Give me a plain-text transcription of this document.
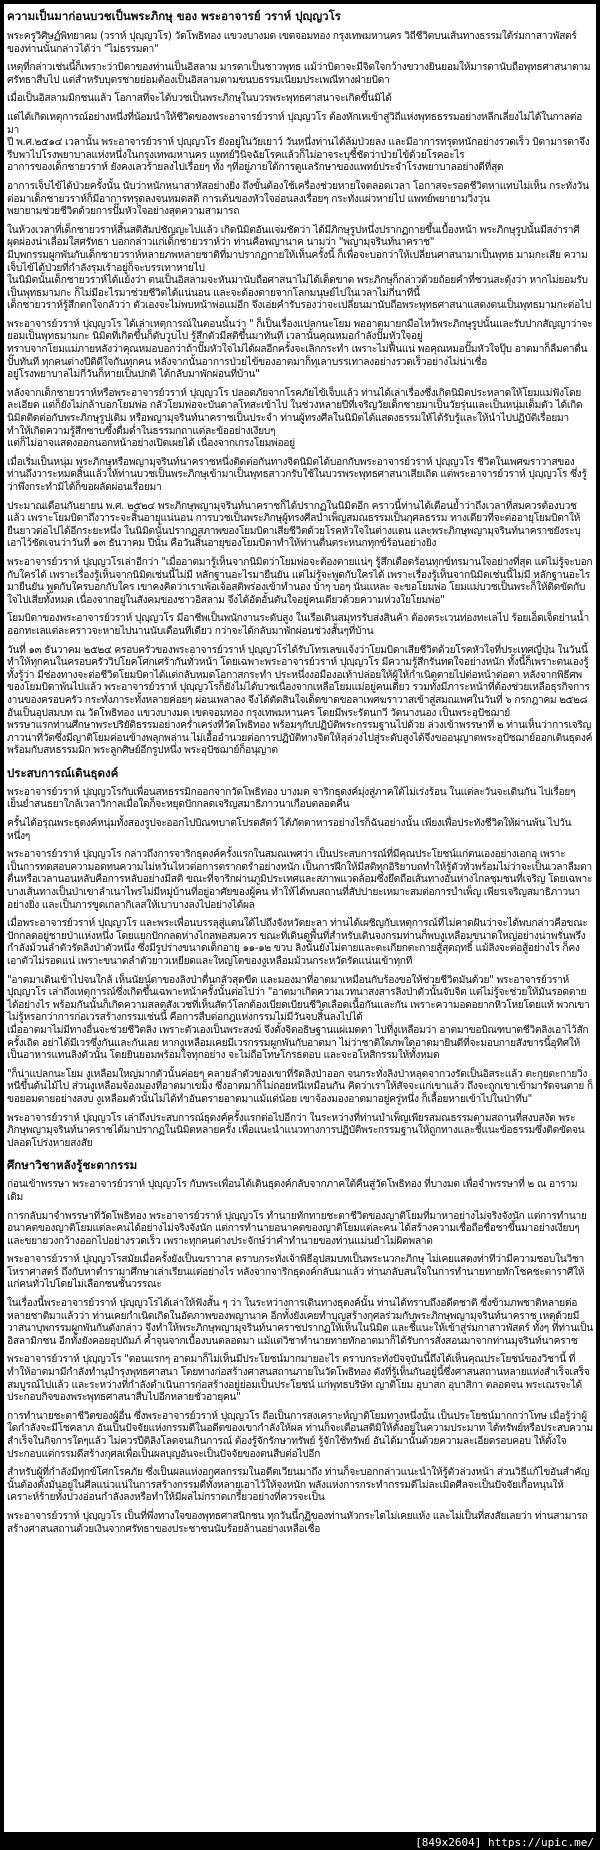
ความเป็นมาก่อนบวชเป็นพระภิกษุ ของ พระอาจารย์ วราห์ ปุญฺญวโร

พระครูวิศิษฏ์พิทยาคม (วราห์ ปุญฺญวโร) วัดโพธิทอง แขวงบางมด เขตจอมทอง กรุงเทพมหานคร วิถีชีวิตบนเส้นทางธรรมใต้ร่มกาสาวพัสตร์ของท่านนั้นกล่าวได้ว่า "ไม่ธรรมดา"

เหตุที่กล่าวเช่นนี้ก็เพราะว่าบิดาของท่านเป็นอิสลาม มารดาเป็นชาวพุทธ แม้ว่าบิดาจะมีจิตใจกว้างขวางยินยอมให้มารดานับถือพุทธศาสนาตามศรัทธาสืบไป แต่สำหรับบุตรชายย่อมต้องเป็นอิสลามตามขนบธรรมเนียมประเพณีทางฝ่ายบิดา

เมื่อเป็นอิสลามมิกชนแล้ว โอกาสที่จะได้บวชเป็นพระภิกษุในบวรพระพุทธศาสนาจะเกิดขึ้นมิได้

แต่ได้เกิดเหตุการณ์อย่างหนึ่งที่น้อมนำให้ชีวิตของพระอาจารย์วราห์ ปุญฺญวโร ต้องหักเหเข้าสู่วิถีแห่งพุทธธรรมอย่างหลีกเลี่ยงไม่ได้ในกาลต่อมา
ปี พ.ศ.๒๕๑๔ เวลานั้น พระอาจารย์วราห์ ปุญฺญวโร ยังอยู่ในวัยเยาว์ วันหนึ่งท่านได้ล้มป่วยลง และมีอาการทรุดหนักอย่างรวดเร็ว บิดามารดาจึงรีบพาไปโรงพยาบาลแห่งหนึ่งในกรุงเทพมหานคร แพทย์วินิจฉัยโรคแล้วก็ไม่อาจระบุชี้ชัดว่าป่วยไข้ด้วยโรคอะไร
อาการของเด็กชายวราห์ ยังคงเลวร้ายลงไปเรื่อยๆ ทั้ง ๆที่อยู่ภายใต้การดูแลรักษาของแพทย์ประจำโรงพยาบาลอย่างดีที่สุด

อาการเจ็บไข้ได้ป่วยครั้งนั้น นับว่าหนักหนาสาหัสอย่างยิ่ง ถึงขั้นต้องใช้เครื่องช่วยหายใจตลอดเวลา โอกาสจะรอดชีวิตหาแทบไม่เห็น กระทั่งวันต่อมาเด็กชายวราห์ก็มีอาการทรุดลงจนหมดสติ การเต้นของหัวใจอ่อนลงเรื่อยๆ กระทั่งแผ่วหายไป แพทย์พยายามวิ่งวุ่น
พยายามช่วยชีวิตด้วยการปั๊มหัวใจอย่างสุดความสามารถ

ในห้วงเวลาที่เด็กชายวราห์สิ้นสติสัมปชัญญะไปแล้ว เกิดนิมิตอันแจ่มชัดว่า ได้มีภิกษุรูปหนึ่งปรากฏกายขึ้นเบื้องหน้า พระภิกษุรูปนั้นมีสง่าราศีผุดผ่องน่าเลื่อมใสศรัทธา บอกกล่าวแก่เด็กชายวราห์ว่า ท่านคือพญานาค นามว่า "พญามุจรินท์นาคราช"
มีบุพกรรมผูกพันกับเด็กชายวราห์หลายภพหลายชาติที่มาปรากฏกายให้เห็นครั้งนี้ ก็เพื่อจะบอกว่าให้เปลี่ยนศาสนามาเป็นพุทธ มามกะเสีย ความเจ็บไข้ได้ป่วยที่กำลังรุมเร้าอยู่ก็จะบรรเทาหายไป
ในนิมิตนั้นเด็กชายวราห์ได้แย้งว่า ตนเป็นอิสลามจะหันมานับถือศาสนาไม่ได้เด็ดขาด พระภิกษุก็กล่าวด้วยถ้อยคำที่ชวนสะดุ้งว่า หากไม่ยอมรับเป็นพุทธมามกะ ก็ไม่มีอะไรมาช่วยชีวิตได้แน่นอน และจะต้องตายจากโลกมนุษย์ไปในเวลาไม่กี่นาทีนี้
เด็กชายวราห์รู้สึกตกใจกลัวว่า ตัวเองจะไม่พบหน้าพ่อแม่อีก จึงเอ่ยคำรับรองว่าจะเปลี่ยนมานับถือพระพุทธศาสนาแสดงตนเป็นพุทธมามกะต่อไป

พระอาจารย์วราห์ ปุญฺญวโร ได้เล่าเหตุการณ์ในตอนนั้นว่า " ก็เป็นเรื่องแปลกนะโยม พออาตมายกมือไหว้พระภิกษุรูปนั้นและรับปากสัญญาว่าจะยอมเป็นพุทธมามกะ นิมิตที่เกิดขึ้นก็ดับวูบไป รู้สึกตัวมีสติขึ้นมาทันที เวลานั้นคุณหมอกำลังปั๊มหัวใจอยู่
ทราบจากโยมแม่ภายหลังว่าคุณหมอบอกว่าถ้าปั๊มหัวใจไม่ได้ผลอีกครั้งจะเลิกกระทำ เพราะไม่ฟื้นแน่ พอคุณหมอปั๊มหัวใจปุ๊บ อาตมาก็ลืมตาตื่นปั๊บทันที ทุกคนต่างปีติดีใจกันทุกคน หลังจากนั้นอาการป่วยไข้ของอาตมาก็ทุเลาบรรเทาลงอย่างรวดเร็วอย่างไม่น่าเชื่อ
อยู่โรงพยาบาลไม่กี่วันก็หายเป็นปกติ ได้กลับมาพักผ่อนที่บ้าน"

หลังจากเด็กชายวราห์หรือพระอาจารย์วราห์ ปุญฺญวโร ปลอดภัยจากโรคภัยไข้เจ็บแล้ว ท่านได้เล่าเรื่องซึ่งเกิดนิมิตประหลาดให้โยมแม่ฟังโดยละเอียด แต่ก็ยังไม่กล้าบอกโยมพ่อ กลัวโยมพ่อจะบันดาลโทสะเข้าไป ในช่วงหลายปีที่เจริญวัยเด็กชายมาเป็นวัยรุ่นและเป็นหนุ่มเต็มตัว ได้เกิดนิมิตติดต่อกับพระภิกษุรูปเดิม หรือพญามุจรินท์นาคราชเป็นประจำ ท่านผู้ทรงศีลในนิมิตได้แสดงธรรมให้ได้รับรู้และให้นำไปปฏิบัติเรื่อยมา ทำให้เกิดความรู้สึกซาบซึ้งดื่มด่ำในธรรมกถาแต่ละข้ออย่างเงียบๆ
แต่ก็ไม่อาจแสดงออกนอกหน้าอย่างเปิดเผยได้ เนื่องจากเกรงโยมพ่ออยู่

เมื่อเริ่มเป็นหนุ่ม พระภิกษุหรือพญามุจรินท์นาคราชหนึ่งติดต่อกันทางจิตนิมิตได้บอกกับพระอาจารย์วราห์ ปุญฺญวโร ชีวิตในเพศฆราวาสของท่านถึงวาระหมดสิ้นแล้วให้ท่านบวชเป็นพระภิกษุเข้ามาเป็นพุทธสาวกรับใช้ในบวรพระพุทธศาสนาเสียเถิด แต่พระอาจารย์วราห์ ปุญฺญวโร ซึ่งรู้ว่าพึงกระทำมิได้ก็ขอผลัดผ่อนเรื่อยมา

ประมาณเดือนกันยายน พ.ศ. ๒๕๒๔ พระภิกษุพญามุจรินท์นาคราชก็ได้ปรากฏในนิมิตอีก คราวนี้ท่านได้เตือนย้ำว่าถึงเวลาที่สมควรต้องบวชแล้ว เพราะโยมบิดาถึงวาระจะสิ้นอายุแน่นอน การบวชเป็นพระภิกษุผู้ทรงศีลบำเพ็ญสมณธรรมเป็นกุศลธรรม ทางเดียวที่จะต่ออายุโยมบิดาให้ยืนยาวต่อไปได้อีกระยะหนึ่ง ในนิมิตนั้นปรากฏสภาพของโยมบิดาเสียชีวิตด้วยโรคหัวใจในต่างแดน และพระภิกษุพญามุจรินท์นาคราชยังระบุเอาไว้ชัดเจนว่าวันที่ ๑๓ ธันวาคม ปีนั้น คือวันสิ้นอายุของโยมบิดาทำให้ท่านตื่นตระหนกทุกข์ร้อนอย่างยิ่ง

พระอาจารย์วราห์ ปุญฺญวโรเล่าอีกว่า "เมื่ออาตมารู้เห็นจากนิมิตว่าโยมพ่อจะต้องตายแน่ๆ รู้สึกเดือดร้อนทุกข์ทรมานใจอย่างที่สุด แต่ไม่รู้จะบอกกับใครได้ เพราะเรื่องรู้เห็นจากนิมิตเช่นนี้ไม่มี หลักฐานอะไรมายืนยัน แต่ไม่รู้จะพูดกับใครได้ เพราะเรื่องรู้เห็นจากนิมิตเช่นนี้ไม่มี หลักฐานอะไรมายืนยัน พูดกับใครบอกกับใคร เขาคงคิดว่าเราเพ้อเจ้อสติพร่องเข้าทำนอง บ้าๆ บอๆ นั่นแหละ จะขอโยมพ่อ โยมแม่บวชเป็นพระก็ให้ติดขัดกับใจไปเสียทั้งหมด เนื่องจากอยู่ในสังคมของชาวอิสลาม จึงได้อัดอั้นตันใจอยู่คนเดียวด้วยความห่วงใยโยมพ่อ"

โยมบิดาของพระอาจารย์วราห์ ปุญฺญวโร มีอาชีพเป็นพนักงานระดับสูง ในเรือเดินสมุทรรับส่งสินค้า ต้องตระเวนท่องทะเลไป ร้อยเอ็ดเจ็ดย่านน้ำ ออกทะเลแต่ละคราวจะหายไปนานนับเดือนทีเดียว กว่าจะได้กลับมาพักผ่อนช่วงสั้นๆที่บ้าน

วันที่ ๑๓ ธันวาคม ๒๕๒๔ ครอบครัวของพระอาจารย์วราห์ ปุญฺญวโรได้รับโทรเลขแจ้งว่าโยมบิดาเสียชีวิตด้วยโรคหัวใจที่ประเทศญี่ปุ่น ในวันนี้ทำให้ทุกคนในครอบครัววิปโยคโศกเศร้ากันทั่วหน้า โดยเฉพาะพระอาจารย์วราห์ ปุญฺญวโร มีความรู้สึกรันทดใจอย่างหนัก ทั้งนี้ก็เพราะตนเองรู้ทั้งรู้ว่า มีช่องทางจะต่อชีวิตโยมบิดาได้แต่กลับหมดโอกาสกระทำ ประหนึ่งงอมืองอเท้าปล่อยให้ผู้ให้กำเนิดตายไปต่อหน้าต่อตา หลังจากพิธีศพของโยมบิดาพ้นไปแล้ว พระอาจารย์วราห์ ปุญฺญวโรก็ยังไม่ได้บวชเนื่องจากเหลือโยมแม่อยู่คนเดียว รวมทั้งมีภาระหน้าที่ต้องช่วยเหลือธุรกิจการงานของครอบครัว กระทั่งภาระทั้งหลายค่อยๆ ผ่อนเพลาลง จึงได้ตัดสินใจเด็ดขาดขอลาเพศฆราวาสเข้าสู่สมณเพศในวันที่ ๖ กรกฎาคม ๒๕๒๘ อันเป็นอุปสมบท ณ วัดโพธิทอง แขวงบางมด เขตจอมทอง กรุงเทพมหานคร โดยมีพระรัตนกวี วัดนางนอง เป็นพระอุปัชฌาย์
พรรษาแรกท่านศึกษาพระปริยัติธรรมอย่างคร่ำเคร่งที่วัดโพธิทอง พร้อมๆกับปฏิบัติพระกรรมฐานไปด้วย ล่วงเข้าพรรษาที่ ๒ ท่านเห็นว่าการเจริญภาวนาที่วัดซึ่งมีญาติโยมค่อนข้างพลุกพล่าน ไม่เอื้ออำนวยต่อการปฏิบัติทางจิตให้ลุล่วงไปสู่ระดับสูงได้จึงขออนุญาตพระอุปัชฌาย์ออกเดินธุดงค์พร้อมกับสหธรรมมิก พระลูกศิษย์อีกรูปหนึ่ง พระอุปัชฌาย์ก็อนุญาต

ประสบการณ์เดินธุดงค์

พระอาจารย์วราห์ ปุญฺญวโรกับเพื่อนสหธรรมิกออกจากวัดโพธิทอง บางมด จาริกธุดงค์มุ่งสู่ภาคใต้ไม่เร่งร้อน ในแต่ละวันจะเดินกัน ไปเรื่อยๆ เย็นย่ำสนธยาใกล้เวลาวิกาลเมื่อใดก็จะหยุดปักกลดเจริญสมาธิภาวนาเกือบตลอดคืน

ครั้นได้อรุณพระธุดงค์หนุ่มทั้งสองรูปจะออกไปบิณฑบาตโปรดสัตว์ ได้ภัตตาหารอย่างไรก็ฉันอย่างนั้น เพียงเพื่อประทังชีวิตให้ผ่านพ้น ไปวันหนึ่งๆ

พระอาจารย์วราห์ ปุญฺญวโร กล่าวถึงการจาริกธุดงค์ครั้งแรกในสมณเพศว่า เป็นประสบการณ์ที่มีคุณประโยชน์แก่ตนเองอย่างเอกอุ เพราะเป็นการทดสอบความอดทนความไม่หวั่นไหวต่อการตรากตรำอย่างหนัก เป็นการฝึกให้มีสติทุกอิริยาบถทำให้รู้ตัวทั่วพร้อมไม่ว่าจะเป็นเวลาลืมตาตื่นหรือเวลานอนหลับคือการหลับอย่างมีสติ ขณะที่จาริกผ่านภูมิประเทศและสภาพแวดล้อมซึ่งยึดถือเส้นทางอันห่างไกลชุมชนที่เจริญ โดยเฉพาะบางเส้นทางเป็นป่าเขาลำเนาไพรไม่มีหมู่บ้านที่อยู่อาศัยของผู้คน ทำให้ได้พบสถานที่สัปปายะเหมาะสมต่อการบำเพ็ญ เพียรเจริญสมาธิภาวนาอย่างยิ่ง และเป็นการขูดเกลากิเลสให้เบาบางลงไปอย่างได้ผล

เมื่อพระอาจารย์วราห์ ปุญฺญวโร และพระเพื่อนบรรลุสู่แดนใต้ไปถึงจังหวัดยะลา ท่านได้เผชิญกับเหตุการณ์ที่ไม่คาดฝันว่าจะได้พบกล่าวคือขณะปักกลดอยู่ชายป่าแห่งหนึ่ง โดยแยกปักกลดห่างไกลพอสมควร ขณะที่เดินดูพื้นที่สำหรับเดินจงกรมท่านก็พบงูเหลือมขนาดใหญ่อย่างน่าพรั่นพรึง กำลังม้วนลำตัวรัดลิงป่าตัวหนึ่ง ซึ่งมีรูปร่างขนาดเด็กอายุ ๑๑-๑๒ ขวบ ลิงนั้นยังไม่ตายและตะเกียกตะกายสู้สุดฤทธิ์ แม้ลิงจะต่อสู้อย่างไร ก็คงเอาตัวไม่รอดแน่ เพราะขนาดลำตัวยาวเหยียดและใหญ่โตของงูเหลือมม้วนกระหวัดรัดแน่นเข้าทุกที

"อาตมาเดินเข้าไปจนใกล้ เห็นนัยน์ตาของลิงป่าตื่นกลัวสุดขีด และมองมาที่อาตมาเหมือนกับร้องขอให้ช่วยชีวิตมันด้วย" พระอาจารย์วราห์ ปุญฺญวโร เล่าถึงเหตุการณ์ซึ่งเกิดขึ้นเฉพาะหน้าครั้งนั้นต่อไปว่า "อาตมาเกิดความเวทนาสงสารลิงป่าตัวนั้นจับจิต แต่ไม่รู้จะช่วยให้มันรอดตายได้อย่างไร พร้อมกันนั้นก็เกิดความสลดสังเวชที่เห็นสัตว์โลกต้องเบียดเบียนชีวิตเลือดเนื้อกันและกัน เพราะความอดอยากหิวโหยโดยแท้ พวกเขาไม่รู้หรอกว่าการก่อเวรสร้างกรรมเช่นนี้ คือการสืบต่อกฎแห่งกรรมไม่มีวันจบสิ้นลงไปได้
เมื่ออาตมาไม่มีทางอื่นจะช่วยชีวิตลิง เพราะตัวเองเป็นพระสงฆ์ จึงตั้งจิตอธิษฐานแผ่เมตตา ไปที่งูเหลือมว่า อาตมาขอบิณฑบาตชีวิตลิงเอาไว้สักครั้งเถิด อย่าได้มีเวรซึ่งกันและกันเลย หากงูเหลือมเคยมีเวรกรรมผูกพันกับอาตมา ไม่ว่าชาติใดภพใดอาตมายินดีที่จะมอบกายสังขารนี้อุทิศให้เป็นอาหารแทนลิงตัวนั้น โดยยินยอมพร้อมใจทุกอย่าง จะไม่ถือโทษโกรธตอบ และจะอโหสิกรรมให้ทั้งหมด

"ก็น่าแปลกนะโยม งูเหลือมใหญ่มากตัวนั้นค่อยๆ คลายลำตัวของเขาที่รัดลิงป่าออก จนกระทั่งลิงป่าหลุดจากวงรัดเป็นอิสระแล้ว ตะกุยตะกายวิ่งหนีขึ้นต้นไม้ไป ส่วนงูเหลือมจ้องมองที่อาตมาเขม็ง ซึ่งอาตมาก็ไม่ถอยหนีเหมือนกัน คิดว่าเราให้สัจจะแก่เขาแล้ว ถึงจะถูกเขาเข้ามารัดจนตาย ก็ขอยอมตายอย่างสงบ งูเหลือมตัวนั้นไม่ได้ทำอันตรายอาตมาแม้แต่น้อย เขาจ้องมองอาตมาอยู่ครู่หนึ่ง ก็เลื้อยหายเข้าไปในป่าทึบ"

พระอาจารย์วราห์ ปุญฺญวโร เล่าถึงประสบการณ์ธุดงค์ครั้งแรกต่อไปอีกว่า ในระหว่างที่ท่านบำเพ็ญเพียรสมณธรรมตามสถานที่สงบสงัด พระภิกษุพญามุจรินท์นาคราชได้มาปรากฏในนิมิตหลายครั้ง เพื่อแนะนำแนวทางการปฏิบัติพระกรรมฐานให้ถูกทางและชี้แนะข้อธรรมซึ่งติดขัดจนปลอดโปร่งหายสงสัย

ศึกษาวิชาหลังรู้ชะตากรรม

ก่อนเข้าพรรษา พระอาจารย์วราห์ ปุญฺญวโร กับพระเพื่อนได้เดินธุดงค์กลับจากภาคใต้คืนสู่วัดโพธิทอง ที่บางมด เพื่อจำพรรษาที่ ๒ ณ อารามเดิม

การกลับมาจำพรรษาที่วัดโพธิทอง พระอาจารย์วราห์ ปุญฺญวโร ทำนายทักทายชะตาชีวิตของญาติโยมที่มาหาอย่างไม่จริงจังนัก แต่การทำนายอนาคตของญาติโยมแต่ละคนได้อย่างไม่จริงจังนัก แต่การทำนายอนาคตของญาติโยมแต่ละคน ได้สร้างความเชื่อถือชื่อชาขึ้นมาอย่างเงียบๆ และขยายวงกว้างออกไปอย่างรวดเร็ว เพราะทุกคนต่างประจักษ์ว่าคำทำนายของท่านแม่นยำไม่ผิดพลาด

พระอาจารย์วราห์ ปุญฺญวโรสมัยเมื่อครั้งยังเป็นฆราวาส ตราบกระทั่งเจ้าพิธีอุปสมบทเป็นพระนวกะภิกษุ ไม่เคยแสดงท่าทีว่ามีความชอบในวิชาโหราศาสตร์ ถึงกับหาตำรามาศึกษาเล่าเรียนแต่อย่างไร หลังจากจาริกธุดงค์กลับมาแล้ว ท่านกลับสนใจในการทำนายทายทักโชคชะตาราศีให้แก่คนทั่วไปโดยไม่เลือกชนชั้นวรรณะ

ในเรื่องนี้พระอาจารย์วราห์ ปุญฺญวโรได้เล่าให้ฟังสั้น ๆ ว่า ในระหว่างการเดินทางธุดงค์นั้น ท่านได้ทราบถึงอดีตชาติ ซึ่งข้ามภพชาติหลายต่อหลายชาติมาแล้วว่า ท่านเคยกำเนิดเกิดในอัตภาพของพญานาค อีกทั้งยังเคยทำบุญสร้างกุศลร่วมกับพระภิกษุพญามุจรินท์นาคราช เหตุด้วยมีวาสนาบุพกรรมผูกพันกันดังกล่าว จึงทำให้พระภิกษุพญามุจรินท์นาคราชปรากฏให้เห็นในนิมิต และชี้แนะให้เข้าสู่ร่มกาสาวพัสตร์ ทั้งๆ ที่ท่านเป็นอิสลามิกชน อีกทั้งยังคอยอุปถัมภ์ ค้ำจุนจากเบื้องบนตลอดมา แม้แต่วิชาทำนายทายทักอาตมาก็ได้รับการสั่งสอนมาจากท่านมุจรินท์นาคราช

พระอาจารย์วราห์ ปุญฺญวโร "ตอนแรกๆ อาตมาก็ไม่เห็นมีประโยชน์มากมายอะไร ตราบกระทั่งปัจจุบันนี้ถึงได้เห็นคุณประโยชน์ของวิชานี้ ที่ทำให้อาตมามีกำลังทำนุบำรุงพุทธศาสนา โดยทางก่อสร้างศาสนสถานภายในวัดโพธิทอง ดังที่รู้เห็นกันอยู่นี้ซึ่งศาสนสถานหลายแห่งสำเร็จเสร็จสมบูรณ์ไปแล้ว และระหว่างที่กำลังดำเนินการก่อสร้างอยู่ย่อมเป็นประโยชน์ แก่พุทธบริษัท ญาติโยม อุบาสก อุบาสิกา ตลอดจน พระเณรจะได้ประกอบกิจของพระพุทธศาสนาสืบไปอีกหลายชั่วอายุคน"

การทำนายชะตาชีวิตของผู้อื่น ซึ่งพระอาจารย์วราห์ ปุญฺญวโร ถือเป็นการสงเคราะห์ญาติโยมทางหนึ่งนั้น เป็นประโยชน์มากกว่าโทษ เมื่อรู้ว่าผู้ใดกำลังจะมีโชคลาภ อันเป็นปัจจัยแห่งกรรมดีในอดีตของเขากำลังให้ผล ท่านก็จะเตือนสติมิให้ตั้งอยู่ในความประมาท ได้ทรัพย์หรือประสบความสำเร็จในกิจการใดๆแล้ว ไม่ควรปีติลิงโลดจนเกินการณ์ ต้องรู้จักรักษาทรัพย์ รู้จักใช้ทรัพย์ อันได้มานั้นด้วยความละเอียดรอบคอบ ให้ตั้งใจประกอบแต่กรรมดีสร้างกุศลเพื่อเป็นผลบุญอันจะเป็นปัจจัยของตนสืบต่อไปอีก

สำหรับผู้ที่กำลังมีทุกข์โศกโรคภัย ซึ่งเป็นผลแห่งอกุศลกรรมในอดีตเวียนมาถึง ท่านก็จะบอกกล่าวแนะนำให้รู้ตัวล่วงหน้า ส่วนวิธีแก้ไขอันสำคัญนั้นต้องตั้งมั่นอยู่ในศีลแน่วแน่ในการสร้างกรรมดีทั้งหลายเอาไว้ให้จงหนัก พลังแห่งการกระทำกรรมดีไม่ละเมิดศีลจะเป็นปัจจัยเกื้อหนุนให้เคราะห์ร้ายทั้งปวงอ่อนกำลังลงหรือทำให้มีผลไม่กราดเกรี้ยวอย่างที่ควรจะเป็น

พระอาจารย์วราห์ ปุญฺญวโร เป็นที่พึ่งทางใจของพุทธศาสนิกชน ทุกวันนี้กุฏิของท่านหัวกระไดไม่เคยแห้ง และไม่เป็นที่สงสัยเลยว่า ท่านสามารถสร้างศาสนสถานด้วยเงินจากศรัทธาของประชาชนนับร้อยล้านอย่างเหลือเชื่อ

[849x2604] https://upic.me/
